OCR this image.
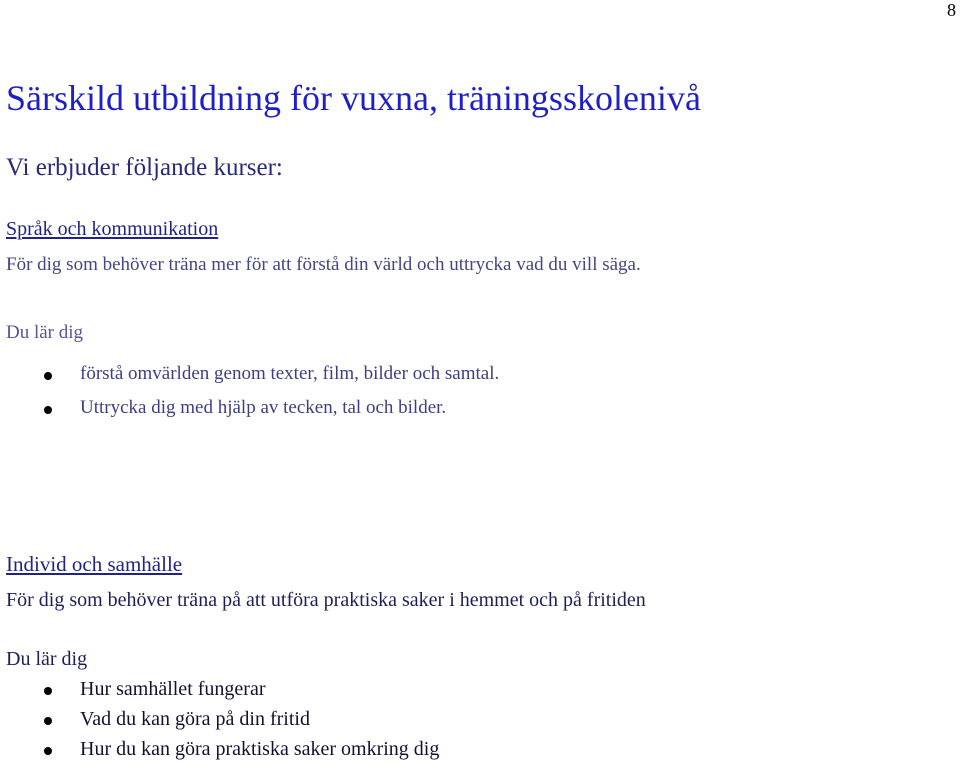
8
Särskild utbildning för vuxna, träningsskolenivå
Vi erbjuder följande kurser:
Språk och kommunikation
För dig som behöver träna mer för att förstå din värld och uttrycka vad du vill säga.
Du lär dig
förstå omvärlden genom texter, film, bilder och samtal.
Uttrycka dig med hjälp av tecken, tal och bilder.
Individ och samhälle
För dig som behöver träna på att utföra praktiska saker i hemmet och på fritiden
Du lär dig
Hur samhället fungerar
Vad du kan göra på din fritid
Hur du kan göra praktiska saker omkring dig
